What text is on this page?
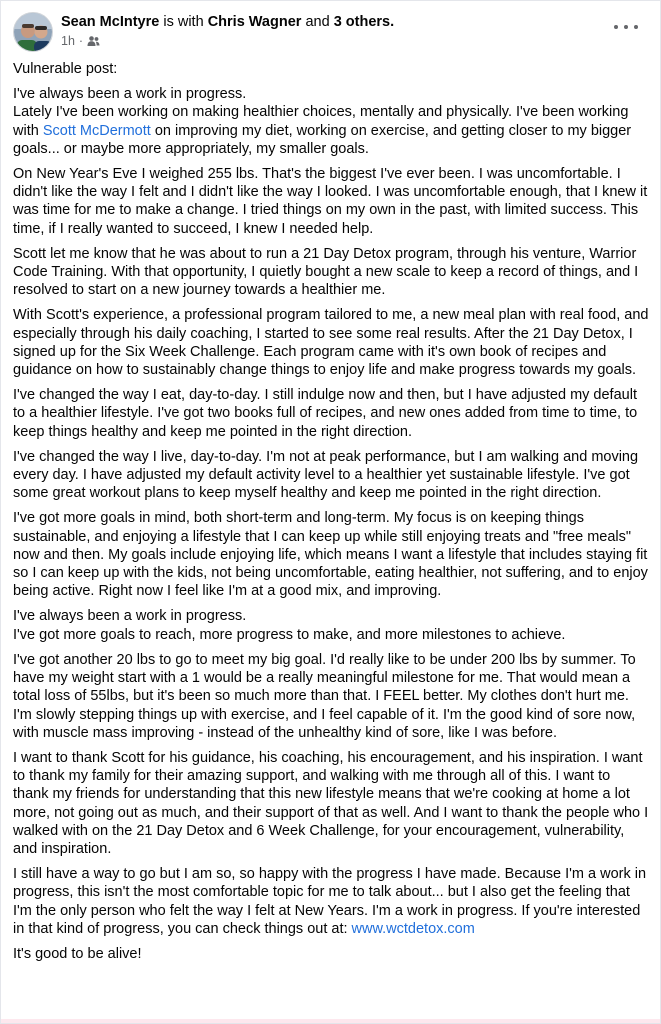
Sean McIntyre is with Chris Wagner and 3 others.
1h ·

Vulnerable post:

I've always been a work in progress.
Lately I've been working on making healthier choices, mentally and physically. I've been working with Scott McDermott on improving my diet, working on exercise, and getting closer to my bigger goals... or maybe more appropriately, my smaller goals.

On New Year's Eve I weighed 255 lbs. That's the biggest I've ever been. I was uncomfortable. I didn't like the way I felt and I didn't like the way I looked. I was uncomfortable enough, that I knew it was time for me to make a change. I tried things on my own in the past, with limited success. This time, if I really wanted to succeed, I knew I needed help.

Scott let me know that he was about to run a 21 Day Detox program, through his venture, Warrior Code Training. With that opportunity, I quietly bought a new scale to keep a record of things, and I resolved to start on a new journey towards a healthier me.

With Scott's experience, a professional program tailored to me, a new meal plan with real food, and especially through his daily coaching, I started to see some real results. After the 21 Day Detox, I signed up for the Six Week Challenge. Each program came with it's own book of recipes and guidance on how to sustainably change things to enjoy life and make progress towards my goals.

I've changed the way I eat, day-to-day. I still indulge now and then, but I have adjusted my default to a healthier lifestyle. I've got two books full of recipes, and new ones added from time to time, to keep things healthy and keep me pointed in the right direction.

I've changed the way I live, day-to-day. I'm not at peak performance, but I am walking and moving every day. I have adjusted my default activity level to a healthier yet sustainable lifestyle. I've got some great workout plans to keep myself healthy and keep me pointed in the right direction.

I've got more goals in mind, both short-term and long-term. My focus is on keeping things sustainable, and enjoying a lifestyle that I can keep up while still enjoying treats and "free meals" now and then. My goals include enjoying life, which means I want a lifestyle that includes staying fit so I can keep up with the kids, not being uncomfortable, eating healthier, not suffering, and to enjoy being active. Right now I feel like I'm at a good mix, and improving.

I've always been a work in progress.
I've got more goals to reach, more progress to make, and more milestones to achieve.

I've got another 20 lbs to go to meet my big goal. I'd really like to be under 200 lbs by summer. To have my weight start with a 1 would be a really meaningful milestone for me. That would mean a total loss of 55lbs, but it's been so much more than that. I FEEL better. My clothes don't hurt me. I'm slowly stepping things up with exercise, and I feel capable of it. I'm the good kind of sore now, with muscle mass improving - instead of the unhealthy kind of sore, like I was before.

I want to thank Scott for his guidance, his coaching, his encouragement, and his inspiration. I want to thank my family for their amazing support, and walking with me through all of this. I want to thank my friends for understanding that this new lifestyle means that we're cooking at home a lot more, not going out as much, and their support of that as well. And I want to thank the people who I walked with on the 21 Day Detox and 6 Week Challenge, for your encouragement, vulnerability, and inspiration.

I still have a way to go but I am so, so happy with the progress I have made. Because I'm a work in progress, this isn't the most comfortable topic for me to talk about... but I also get the feeling that I'm the only person who felt the way I felt at New Years. I'm a work in progress. If you're interested in that kind of progress, you can check things out at: www.wctdetox.com

It's good to be alive!
